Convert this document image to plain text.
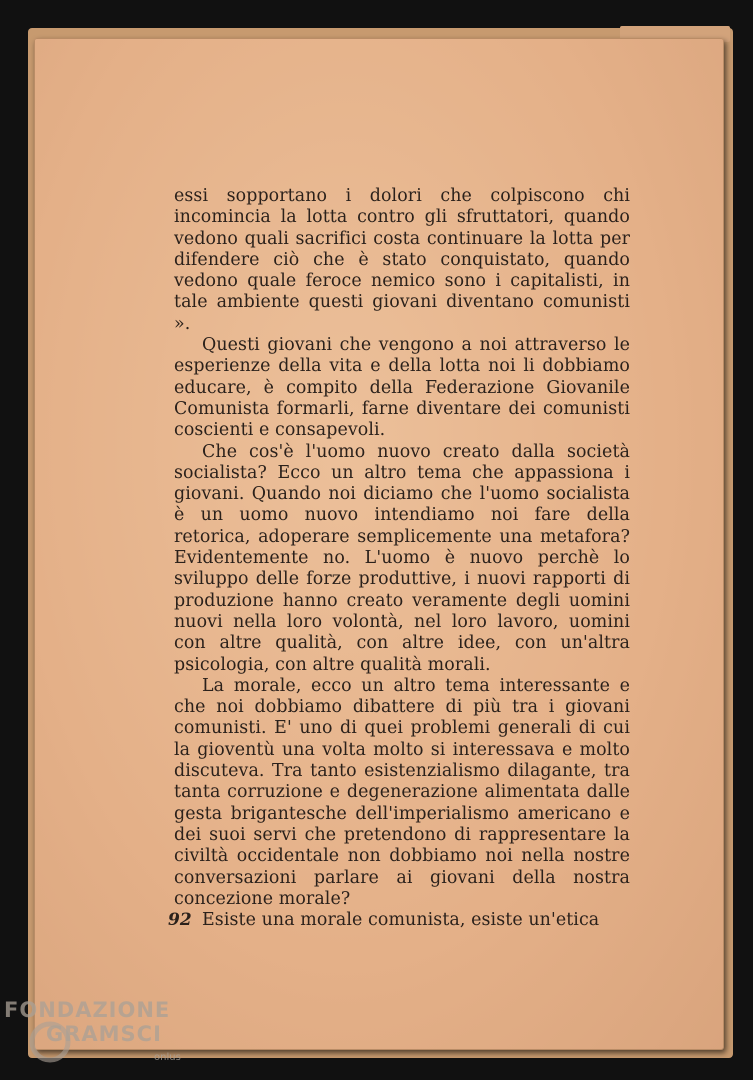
essi sopportano i dolori che colpiscono chi incomincia la lotta contro gli sfruttatori, quando vedono quali sacrifici costa continuare la lotta per difendere ciò che è stato conquistato, quando vedono quale feroce nemico sono i capitalisti, in tale ambiente questi giovani diventano comunisti ».

Questi giovani che vengono a noi attraverso le esperienze della vita e della lotta noi li dobbiamo educare, è compito della Federazione Giovanile Comunista formarli, farne diventare dei comunisti coscienti e consapevoli.

Che cos'è l'uomo nuovo creato dalla società socialista? Ecco un altro tema che appassiona i giovani. Quando noi diciamo che l'uomo socialista è un uomo nuovo intendiamo noi fare della retorica, adoperare semplicemente una metafora? Evidentemente no. L'uomo è nuovo perchè lo sviluppo delle forze produttive, i nuovi rapporti di produzione hanno creato veramente degli uomini nuovi nella loro volontà, nel loro lavoro, uomini con altre qualità, con altre idee, con un'altra psicologia, con altre qualità morali.

La morale, ecco un altro tema interessante e che noi dobbiamo dibattere di più tra i giovani comunisti. E' uno di quei problemi generali di cui la gioventù una volta molto si interessava e molto discuteva. Tra tanto esistenzialismo dilagante, tra tanta corruzione e degenerazione alimentata dalle gesta brigantesche dell'imperialismo americano e dei suoi servi che pretendono di rappresentare la civiltà occidentale non dobbiamo noi nella nostre conversazioni parlare ai giovani della nostra concezione morale?

Esiste una morale comunista, esiste un'etica

92
FONDAZIONE
GRAMSCI
onlus
